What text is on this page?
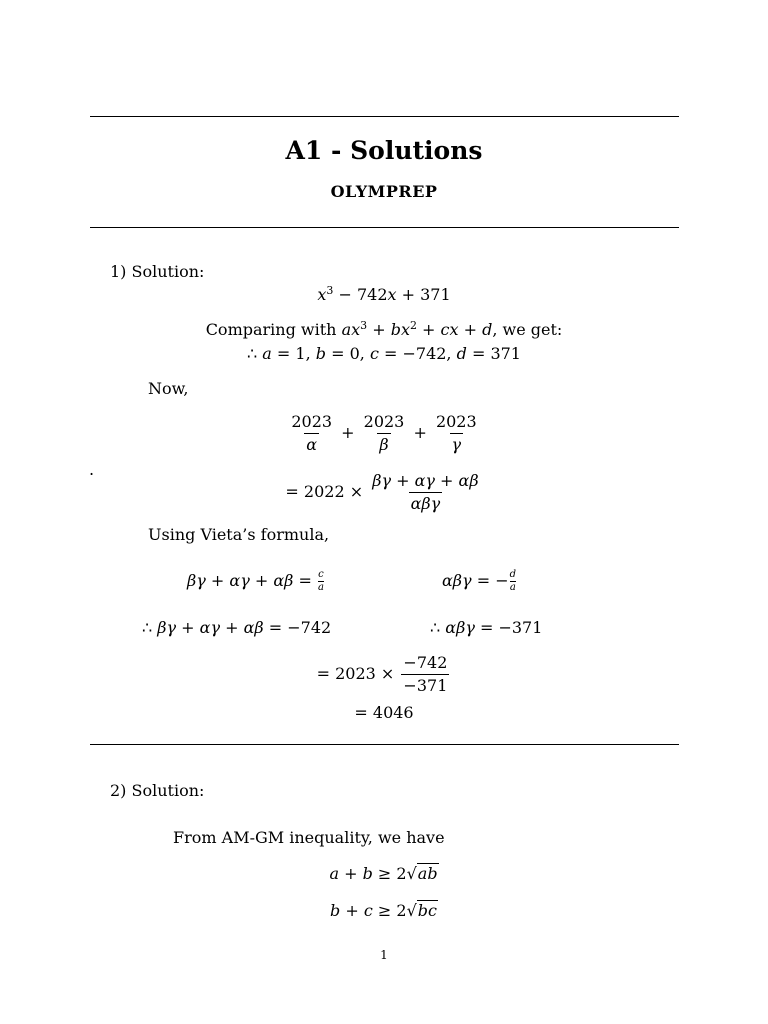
A1 - Solutions
OLYMPREP
1) Solution:
$x^3 - 742x + 371$
Comparing with $ax^3 + bx^2$ + cx + d, we get:
∴ a = 1, b = 0, c = −742, d = 371
Now,
$\frac{2023}{\alpha} + \frac{2023}{\beta} + \frac{2023}{\gamma}$
.
= $2022 \times \frac{\beta\gamma + \alpha\gamma + \alpha\beta}{\text{αβγ}}$
Using Vieta’s formula,
$\beta\gamma + \alpha\gamma + \alpha\beta = \frac{c}{a}$	αβγ = − $\frac{d}{a}$
∴ βγ + αγ + αβ = −742	∴ αβγ = −371
= $2023 \times \frac{-742}{-371}$
= 4046
2) Solution:
From AM-GM inequality, we have
a + b ≥ 2√ab
b + c ≥ 2√bc
1
